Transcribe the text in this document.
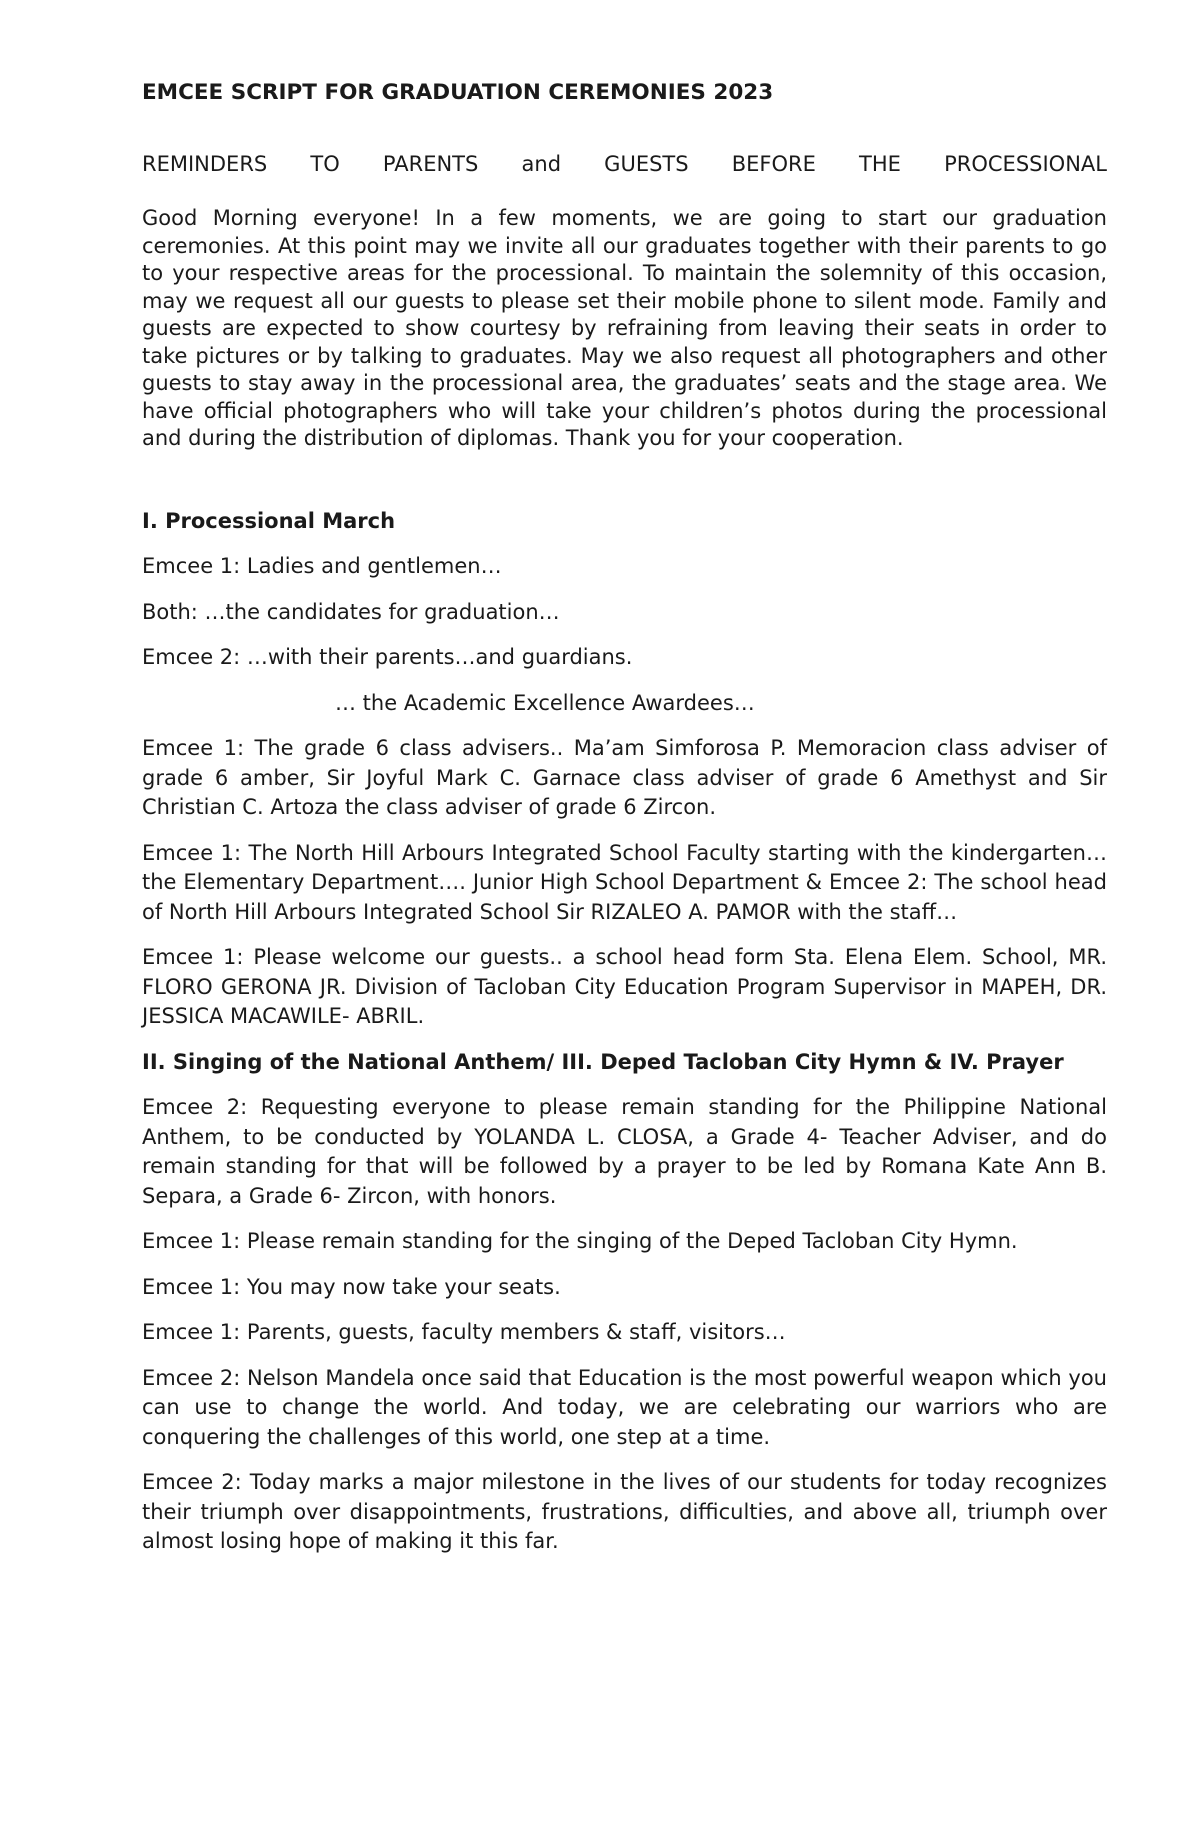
EMCEE SCRIPT FOR GRADUATION CEREMONIES 2023
REMINDERS TO PARENTS and GUESTS BEFORE THE PROCESSIONAL

Good Morning everyone! In a few moments, we are going to start our graduation ceremonies. At this point may we invite all our graduates together with their parents to go to your respective areas for the processional. To maintain the solemnity of this occasion, may we request all our guests to please set their mobile phone to silent mode. Family and guests are expected to show courtesy by refraining from leaving their seats in order to take pictures or by talking to graduates. May we also request all photographers and other guests to stay away in the processional area, the graduates’ seats and the stage area. We have official photographers who will take your children’s photos during the processional and during the distribution of diplomas. Thank you for your cooperation.

I. Processional March

Emcee 1: Ladies and gentlemen…

Both: …the candidates for graduation…

Emcee 2: …with their parents…and guardians.

… the Academic Excellence Awardees…

Emcee 1: The grade 6 class advisers.. Ma’am Simforosa P. Memoracion class adviser of grade 6 amber, Sir Joyful Mark C. Garnace class adviser of grade 6 Amethyst and Sir Christian C. Artoza the class adviser of grade 6 Zircon.

Emcee 1: The North Hill Arbours Integrated School Faculty starting with the kindergarten… the Elementary Department…. Junior High School Department & Emcee 2: The school head of North Hill Arbours Integrated School Sir RIZALEO A. PAMOR with the staff…

Emcee 1: Please welcome our guests.. a school head form Sta. Elena Elem. School, MR. FLORO GERONA JR. Division of Tacloban City Education Program Supervisor in MAPEH, DR. JESSICA MACAWILE- ABRIL.

II. Singing of the National Anthem/ III. Deped Tacloban City Hymn & IV. Prayer

Emcee 2: Requesting everyone to please remain standing for the Philippine National Anthem, to be conducted by YOLANDA L. CLOSA, a Grade 4- Teacher Adviser, and do remain standing for that will be followed by a prayer to be led by Romana Kate Ann B. Separa, a Grade 6- Zircon, with honors.

Emcee 1: Please remain standing for the singing of the Deped Tacloban City Hymn.

Emcee 1: You may now take your seats.

Emcee 1: Parents, guests, faculty members & staff, visitors…

Emcee 2: Nelson Mandela once said that Education is the most powerful weapon which you can use to change the world. And today, we are celebrating our warriors who are conquering the challenges of this world, one step at a time.

Emcee 2: Today marks a major milestone in the lives of our students for today recognizes their triumph over disappointments, frustrations, difficulties, and above all, triumph over almost losing hope of making it this far.
